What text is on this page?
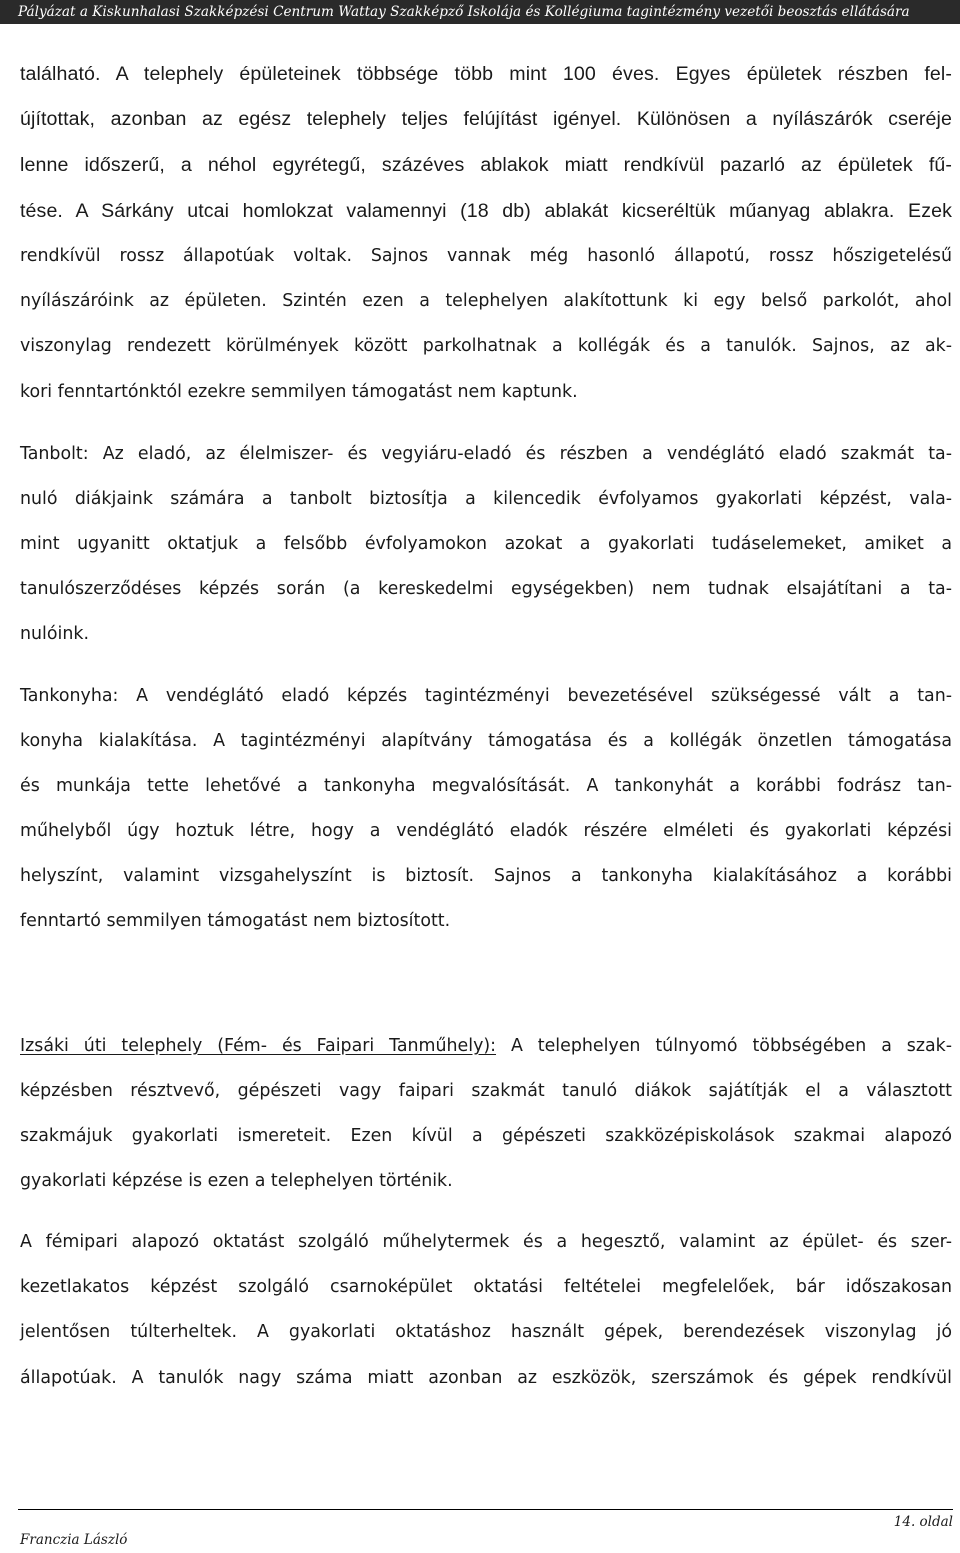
Pályázat a Kiskunhalasi Szakképzési Centrum Wattay Szakképző Iskolája és Kollégiuma tagintézmény vezetői beosztás ellátására
található. A telephely épületeinek többsége több mint 100 éves. Egyes épületek részben fel-
újítottak, azonban az egész telephely teljes felújítást igényel. Különösen a nyílászárók cseréje
lenne időszerű, a néhol egyrétegű, százéves ablakok miatt rendkívül pazarló az épületek fű-
tése. A Sárkány utcai homlokzat valamennyi (18 db) ablakát kicseréltük műanyag ablakra. Ezek
rendkívül rossz állapotúak voltak. Sajnos vannak még hasonló állapotú, rossz hőszigetelésű
nyílászáróink az épületen. Szintén ezen a telephelyen alakítottunk ki egy belső parkolót, ahol
viszonylag rendezett körülmények között parkolhatnak a kollégák és a tanulók. Sajnos, az ak-
kori fenntartónktól ezekre semmilyen támogatást nem kaptunk.
Tanbolt: Az eladó, az élelmiszer- és vegyiáru-eladó és részben a vendéglátó eladó szakmát ta-
nuló diákjaink számára a tanbolt biztosítja a kilencedik évfolyamos gyakorlati képzést, vala-
mint ugyanitt oktatjuk a felsőbb évfolyamokon azokat a gyakorlati tudáselemeket, amiket a
tanulószerződéses képzés során (a kereskedelmi egységekben) nem tudnak elsajátítani a ta-
nulóink.
Tankonyha: A vendéglátó eladó képzés tagintézményi bevezetésével szükségessé vált a tan-
konyha kialakítása. A tagintézményi alapítvány támogatása és a kollégák önzetlen támogatása
és munkája tette lehetővé a tankonyha megvalósítását. A tankonyhát a korábbi fodrász tan-
műhelyből úgy hoztuk létre, hogy a vendéglátó eladók részére elméleti és gyakorlati képzési
helyszínt, valamint vizsgahelyszínt is biztosít. Sajnos a tankonyha kialakításához a korábbi
fenntartó semmilyen támogatást nem biztosított.
Izsáki úti telephely (Fém- és Faipari Tanműhely): A telephelyen túlnyomó többségében a szak-
képzésben résztvevő, gépészeti vagy faipari szakmát tanuló diákok sajátítják el a választott
szakmájuk gyakorlati ismereteit. Ezen kívül a gépészeti szakközépiskolások szakmai alapozó
gyakorlati képzése is ezen a telephelyen történik.
A fémipari alapozó oktatást szolgáló műhelytermek és a hegesztő, valamint az épület- és szer-
kezetlakatos képzést szolgáló csarnoképület oktatási feltételei megfelelőek, bár időszakosan
jelentősen túlterheltek. A gyakorlati oktatáshoz használt gépek, berendezések viszonylag jó
állapotúak. A tanulók nagy száma miatt azonban az eszközök, szerszámok és gépek rendkívül
14. oldal
Franczia László
